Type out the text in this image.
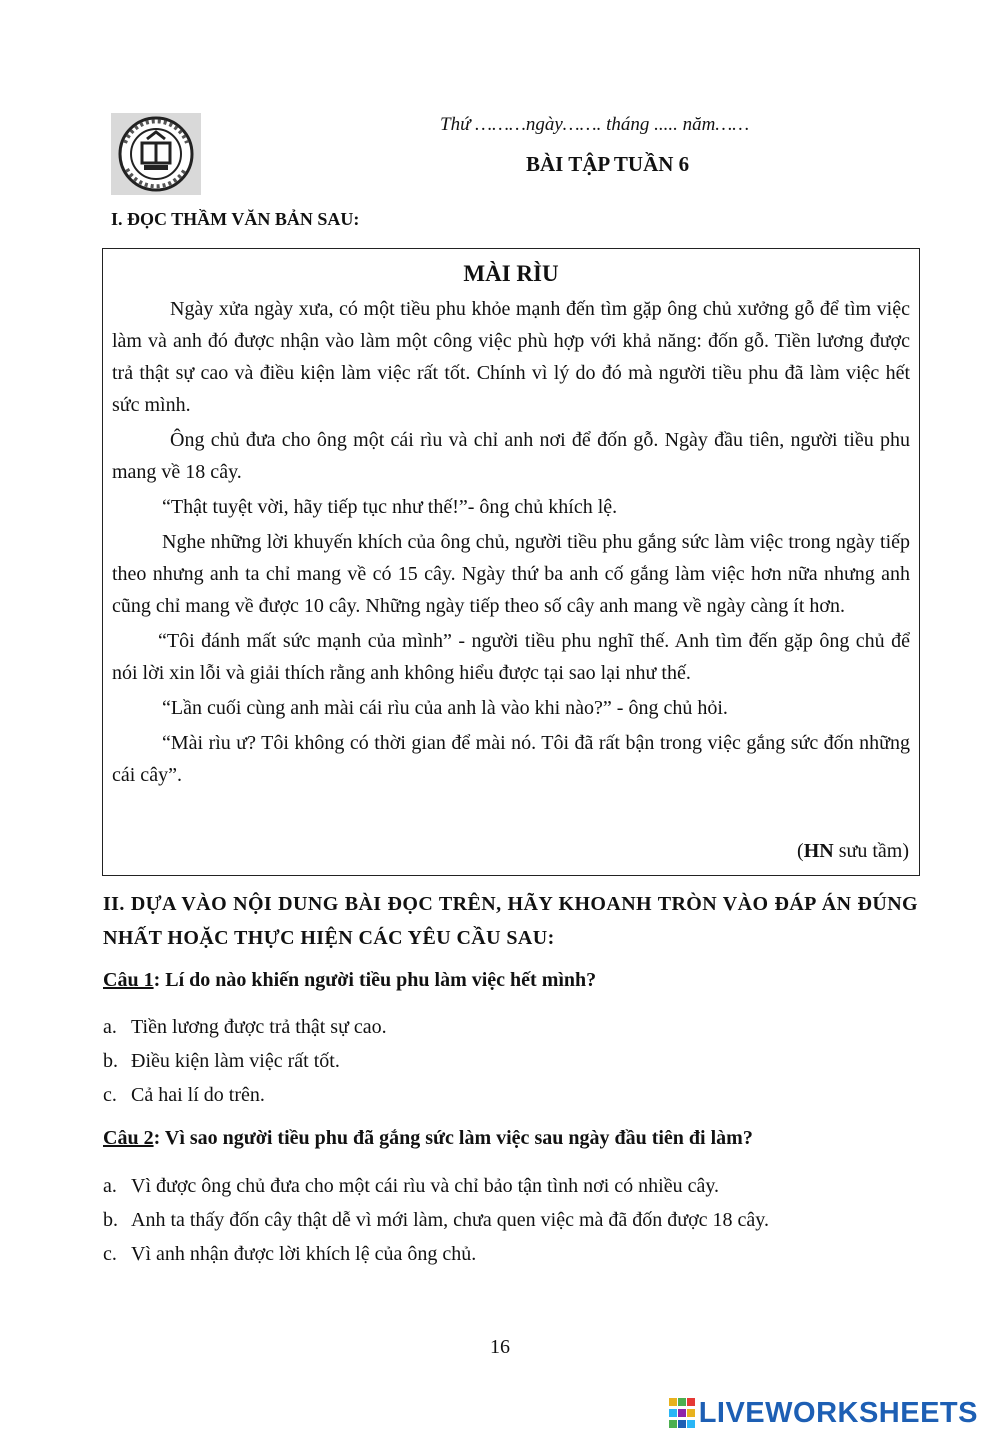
Thứ ………ngày……. tháng ..... năm……
BÀI TẬP TUẦN 6
I. ĐỌC THẦM VĂN BẢN SAU:
MÀI RÌU

Ngày xửa ngày xưa, có một tiều phu khỏe mạnh đến tìm gặp ông chủ xưởng gỗ để tìm việc làm và anh đó được nhận vào làm một công việc phù hợp với khả năng: đốn gỗ. Tiền lương được trả thật sự cao và điều kiện làm việc rất tốt. Chính vì lý do đó mà người tiều phu đã làm việc hết sức mình.

Ông chủ đưa cho ông một cái rìu và chỉ anh nơi để đốn gỗ. Ngày đầu tiên, người tiều phu mang về 18 cây.

“Thật tuyệt vời, hãy tiếp tục như thế!”- ông chủ khích lệ.

Nghe những lời khuyến khích của ông chủ, người tiều phu gắng sức làm việc trong ngày tiếp theo nhưng anh ta chỉ mang về có 15 cây. Ngày thứ ba anh cố gắng làm việc hơn nữa nhưng anh cũng chỉ mang về được 10 cây. Những ngày tiếp theo số cây anh mang về ngày càng ít hơn.

“Tôi đánh mất sức mạnh của mình” - người tiều phu nghĩ thế. Anh tìm đến gặp ông chủ để nói lời xin lỗi và giải thích rằng anh không hiểu được tại sao lại như thế.

“Lần cuối cùng anh mài cái rìu của anh là vào khi nào?” - ông chủ hỏi.

“Mài rìu ư? Tôi không có thời gian để mài nó. Tôi đã rất bận trong việc gắng sức đốn những cái cây”.

(HN sưu tầm)
II. DỰA VÀO NỘI DUNG BÀI ĐỌC TRÊN, HÃY KHOANH TRÒN VÀO ĐÁP ÁN ĐÚNG NHẤT HOẶC THỰC HIỆN CÁC YÊU CẦU SAU:
Câu 1: Lí do nào khiến người tiều phu làm việc hết mình?
a. Tiền lương được trả thật sự cao.
b. Điều kiện làm việc rất tốt.
c. Cả hai lí do trên.
Câu 2: Vì sao người tiều phu đã gắng sức làm việc sau ngày đầu tiên đi làm?
a. Vì được ông chủ đưa cho một cái rìu và chỉ bảo tận tình nơi có nhiều cây.
b. Anh ta thấy đốn cây thật dễ vì mới làm, chưa quen việc mà đã đốn được 18 cây.
c. Vì anh nhận được lời khích lệ của ông chủ.
16
LIVEWORKSHEETS
